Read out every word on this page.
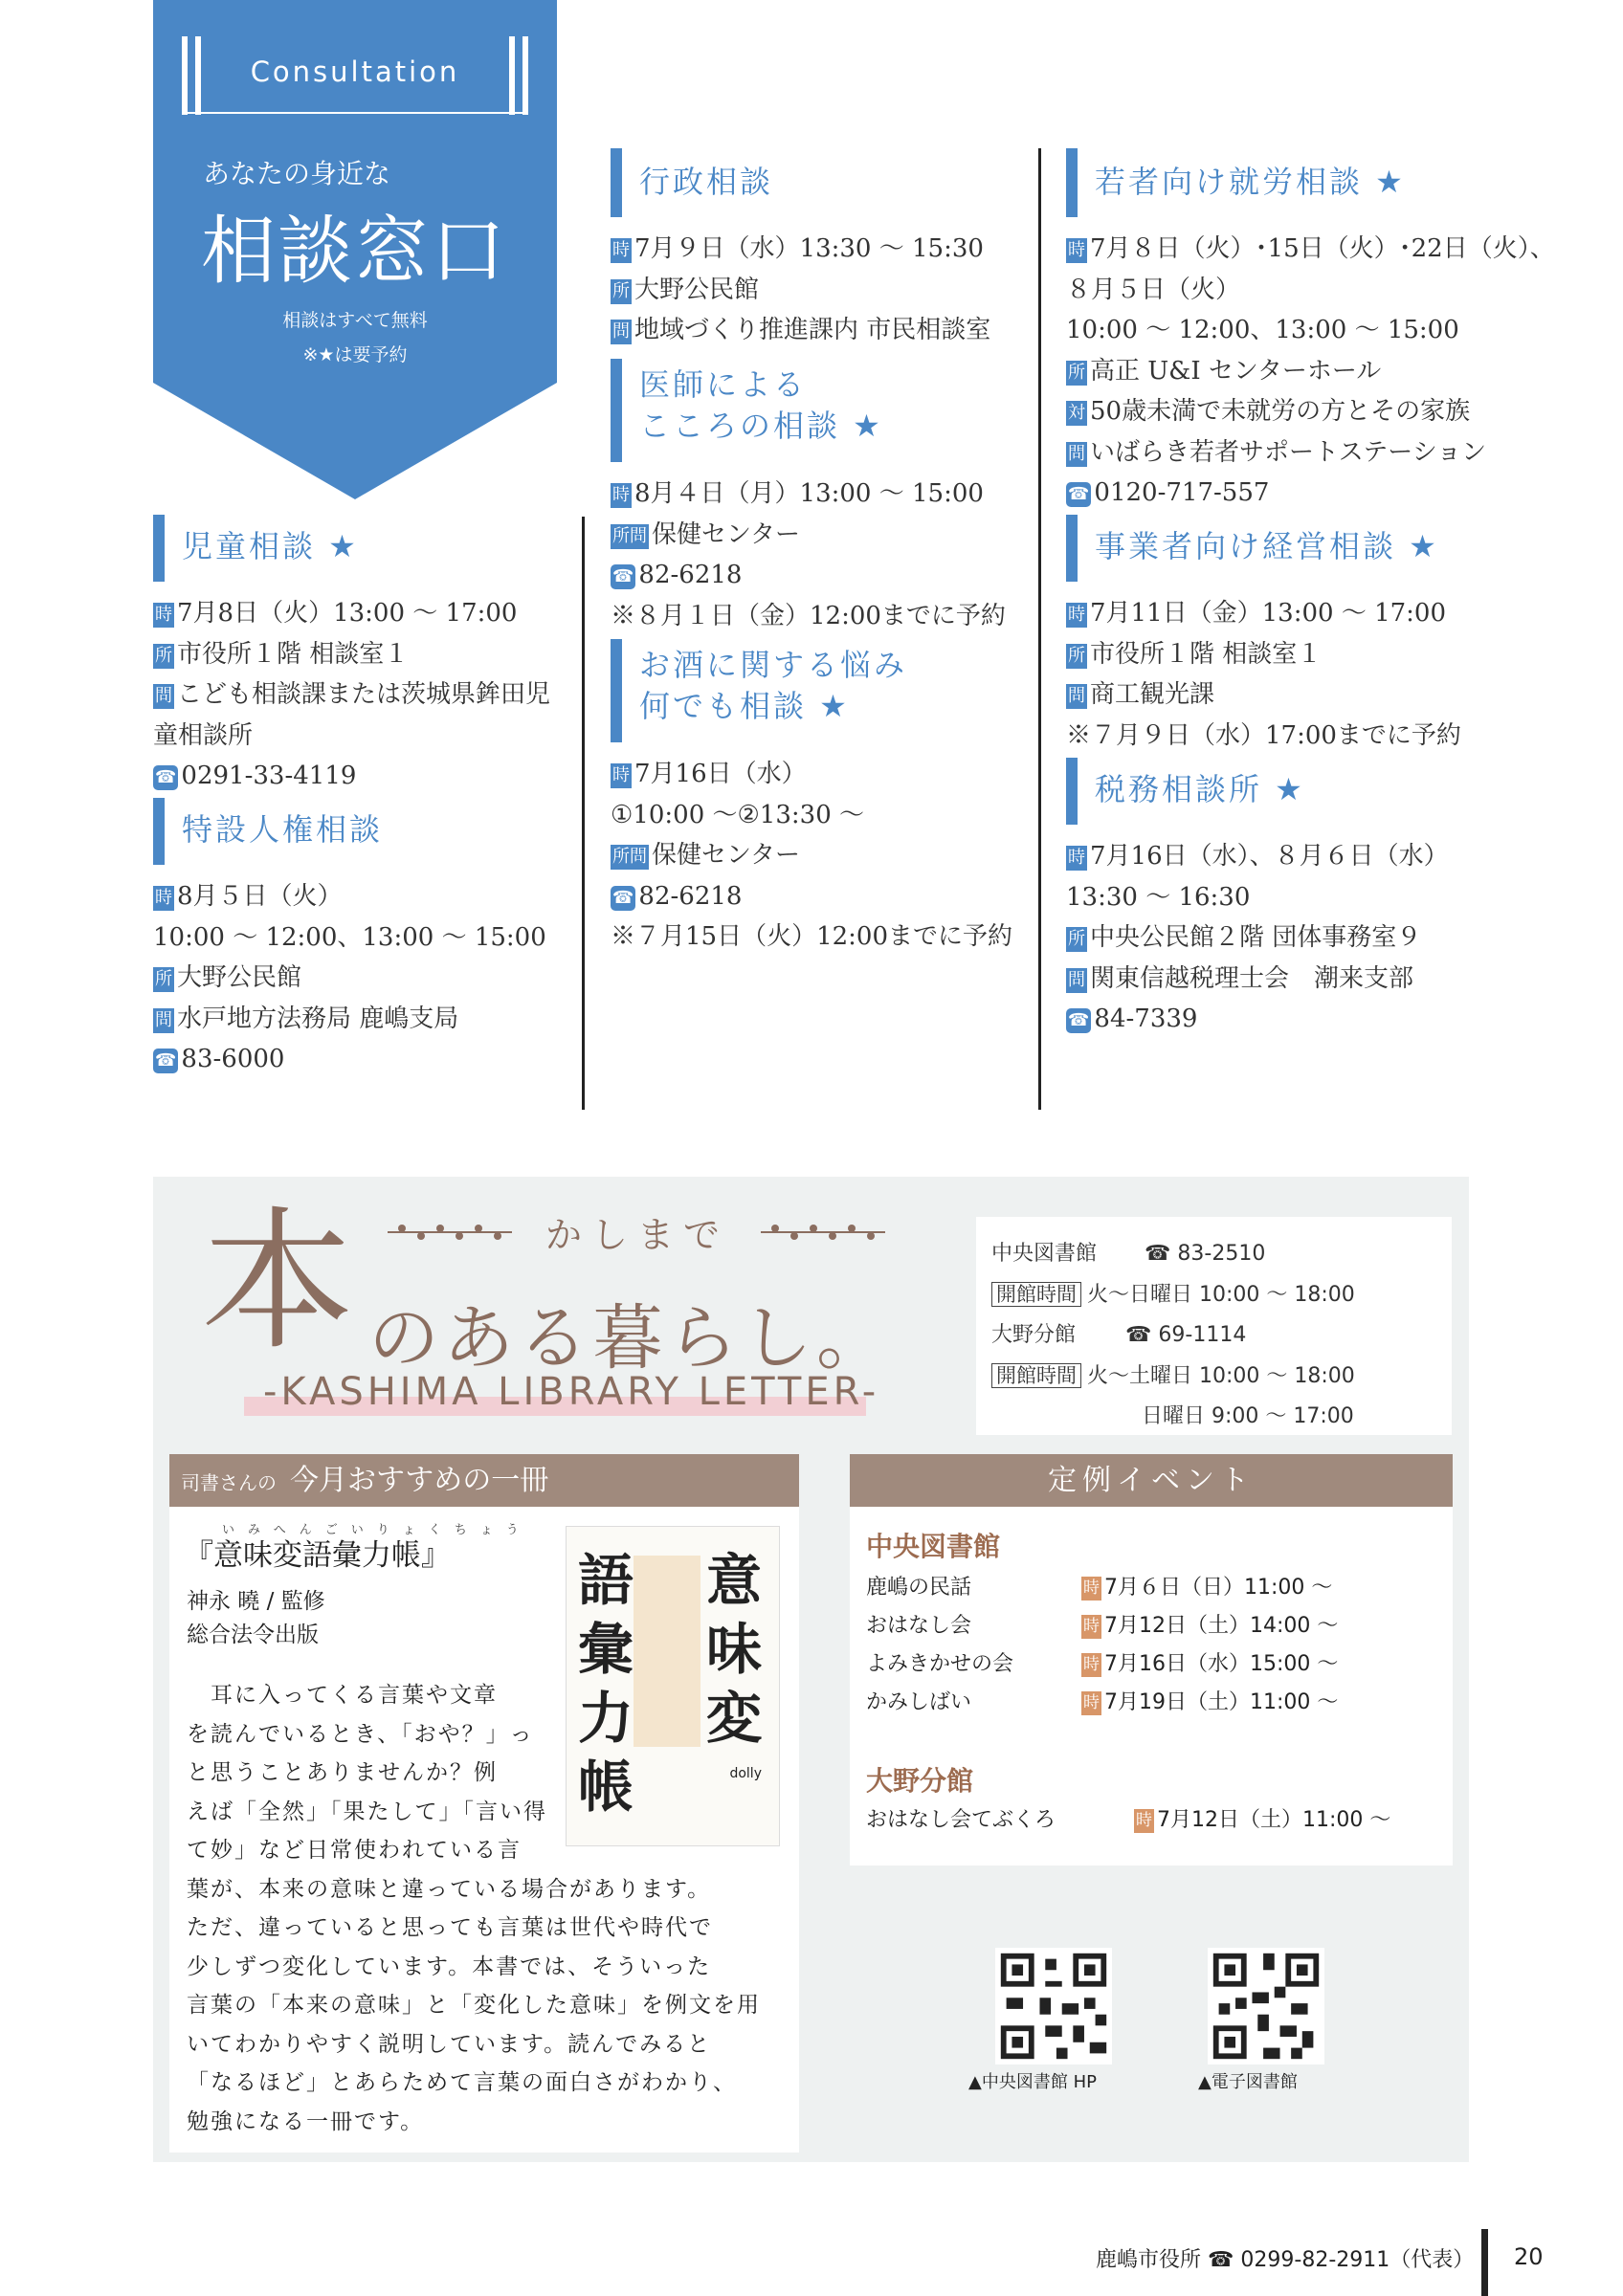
Consultation
あなたの身近な
相談窓口
相談はすべて無料
※★は要予約
児童相談 ★
時 7月8日（火）13:00 ～ 17:00
所 市役所１階 相談室１
問 こども相談課または茨城県鉾田児
童相談所
☎ 0291-33-4119
特設人権相談
時 8月５日（火）
10:00 ～ 12:00、13:00 ～ 15:00
所 大野公民館
問 水戸地方法務局 鹿嶋支局
☎ 83-6000
行政相談
時 7月９日（水）13:30 ～ 15:30
所 大野公民館
問 地域づくり推進課内 市民相談室
医師による
こころの相談 ★
時 8月４日（月）13:00 ～ 15:00
所問 保健センター
☎ 82-6218
※８月１日（金）12:00までに予約
お酒に関する悩み
何でも相談 ★
時 7月16日（水）
①10:00 ～②13:30 ～
所問 保健センター
☎ 82-6218
※７月15日（火）12:00までに予約
若者向け就労相談 ★
時 7月８日（火）･15日（火）･22日（火）、
８月５日（火）
10:00 ～ 12:00、13:00 ～ 15:00
所 高正 U&I センターホール
対 50歳未満で未就労の方とその家族
問 いばらき若者サポートステーション
☎ 0120-717-557
事業者向け経営相談 ★
時 7月11日（金）13:00 ～ 17:00
所 市役所１階 相談室１
問 商工観光課
※７月９日（水）17:00までに予約
税務相談所 ★
時 7月16日（水）、８月６日（水）
13:30 ～ 16:30
所 中央公民館２階 団体事務室９
問 関東信越税理士会　潮来支部
☎ 84-7339
本	かしまで
のある暮らし。
-KASHIMA LIBRARY LETTER-
中央図書館 ☎ 83-2510
開館時間 火～日曜日 10:00 ～ 18:00
大野分館 ☎ 69-1114
開館時間 火～土曜日 10:00 ～ 18:00
日曜日 9:00 ～ 17:00
司書さんの 今月おすすめの一冊
いみへんごいりょくちょう
『意味変語彙力帳』
神永 曉 / 監修
総合法令出版
意味変
語彙力帳	dolly
　耳に入ってくる言葉や文章
を読んでいるとき、「おや？」っ
と思うことありませんか？例
えば「全然」「果たして」「言い得
て妙」など日常使われている言
葉が、本来の意味と違っている場合があります。
ただ、違っていると思っても言葉は世代や時代で
少しずつ変化しています。本書では、そういった
言葉の「本来の意味」と「変化した意味」を例文を用
いてわかりやすく説明しています。読んでみると
「なるほど」とあらためて言葉の面白さがわかり、
勉強になる一冊です。
定例イベント
中央図書館
鹿嶋の民話	時 7月６日（日）11:00 ～
おはなし会	時 7月12日（土）14:00 ～
よみきかせの会	時 7月16日（水）15:00 ～
かみしばい	時 7月19日（土）11:00 ～
大野分館
おはなし会てぶくろ	時 7月12日（土）11:00 ～
▲中央図書館 HP	▲電子図書館
鹿嶋市役所 ☎ 0299-82-2911（代表） 20
